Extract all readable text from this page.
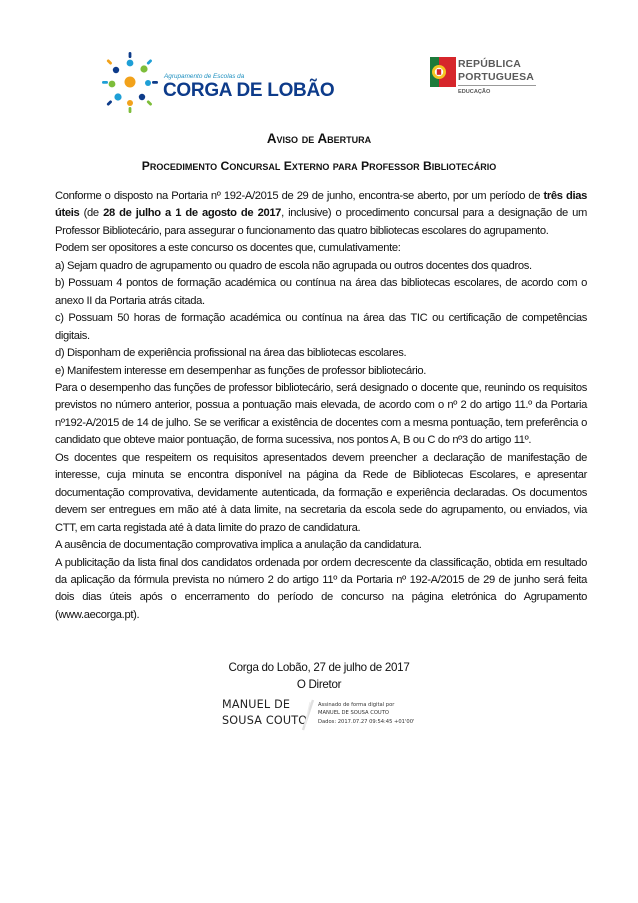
Agrupamento de Escolas da
CORGA DE LOBÃO
REPÚBLICA
PORTUGUESA
EDUCAÇÃO
Aviso de Abertura
Procedimento Concursal Externo para Professor Bibliotecário

Conforme o disposto na Portaria nº 192-A/2015 de 29 de junho, encontra-se aberto, por um período de três dias úteis (de 28 de julho a 1 de agosto de 2017, inclusive) o procedimento concursal para a designação de um Professor Bibliotecário, para assegurar o funcionamento das quatro bibliotecas escolares do agrupamento.

Podem ser opositores a este concurso os docentes que, cumulativamente:

a) Sejam quadro de agrupamento ou quadro de escola não agrupada ou outros docentes dos quadros.

b) Possuam 4 pontos de formação académica ou contínua na área das bibliotecas escolares, de acordo com o anexo II da Portaria atrás citada.

c) Possuam 50 horas de formação académica ou contínua na área das TIC ou certificação de competências digitais.

d) Disponham de experiência profissional na área das bibliotecas escolares.

e) Manifestem interesse em desempenhar as funções de professor bibliotecário.

Para o desempenho das funções de professor bibliotecário, será designado o docente que, reunindo os requisitos previstos no número anterior, possua a pontuação mais elevada, de acordo com o nº 2 do artigo 11.º da Portaria nº192-A/2015 de 14 de julho. Se se verificar a existência de docentes com a mesma pontuação, tem preferência o candidato que obteve maior pontuação, de forma sucessiva, nos pontos A, B ou C do nº3 do artigo 11º.

Os docentes que respeitem os requisitos apresentados devem preencher a declaração de manifestação de interesse, cuja minuta se encontra disponível na página da Rede de Bibliotecas Escolares, e apresentar documentação comprovativa, devidamente autenticada, da formação e experiência declaradas. Os documentos devem ser entregues em mão até à data limite, na secretaria da escola sede do agrupamento, ou enviados, via CTT, em carta registada até à data limite do prazo de candidatura.

A ausência de documentação comprovativa implica a anulação da candidatura.

A publicitação da lista final dos candidatos ordenada por ordem decrescente da classificação, obtida em resultado da aplicação da fórmula prevista no número 2 do artigo 11º da Portaria nº 192-A/2015 de 29 de junho será feita dois dias úteis após o encerramento do período de concurso na página eletrónica do Agrupamento (www.aecorga.pt).

Corga do Lobão, 27 de julho de 2017
O Diretor
MANUEL DE
SOUSA COUTO
Assinado de forma digital por
MANUEL DE SOUSA COUTO
Dados: 2017.07.27 09:54:45 +01'00'
